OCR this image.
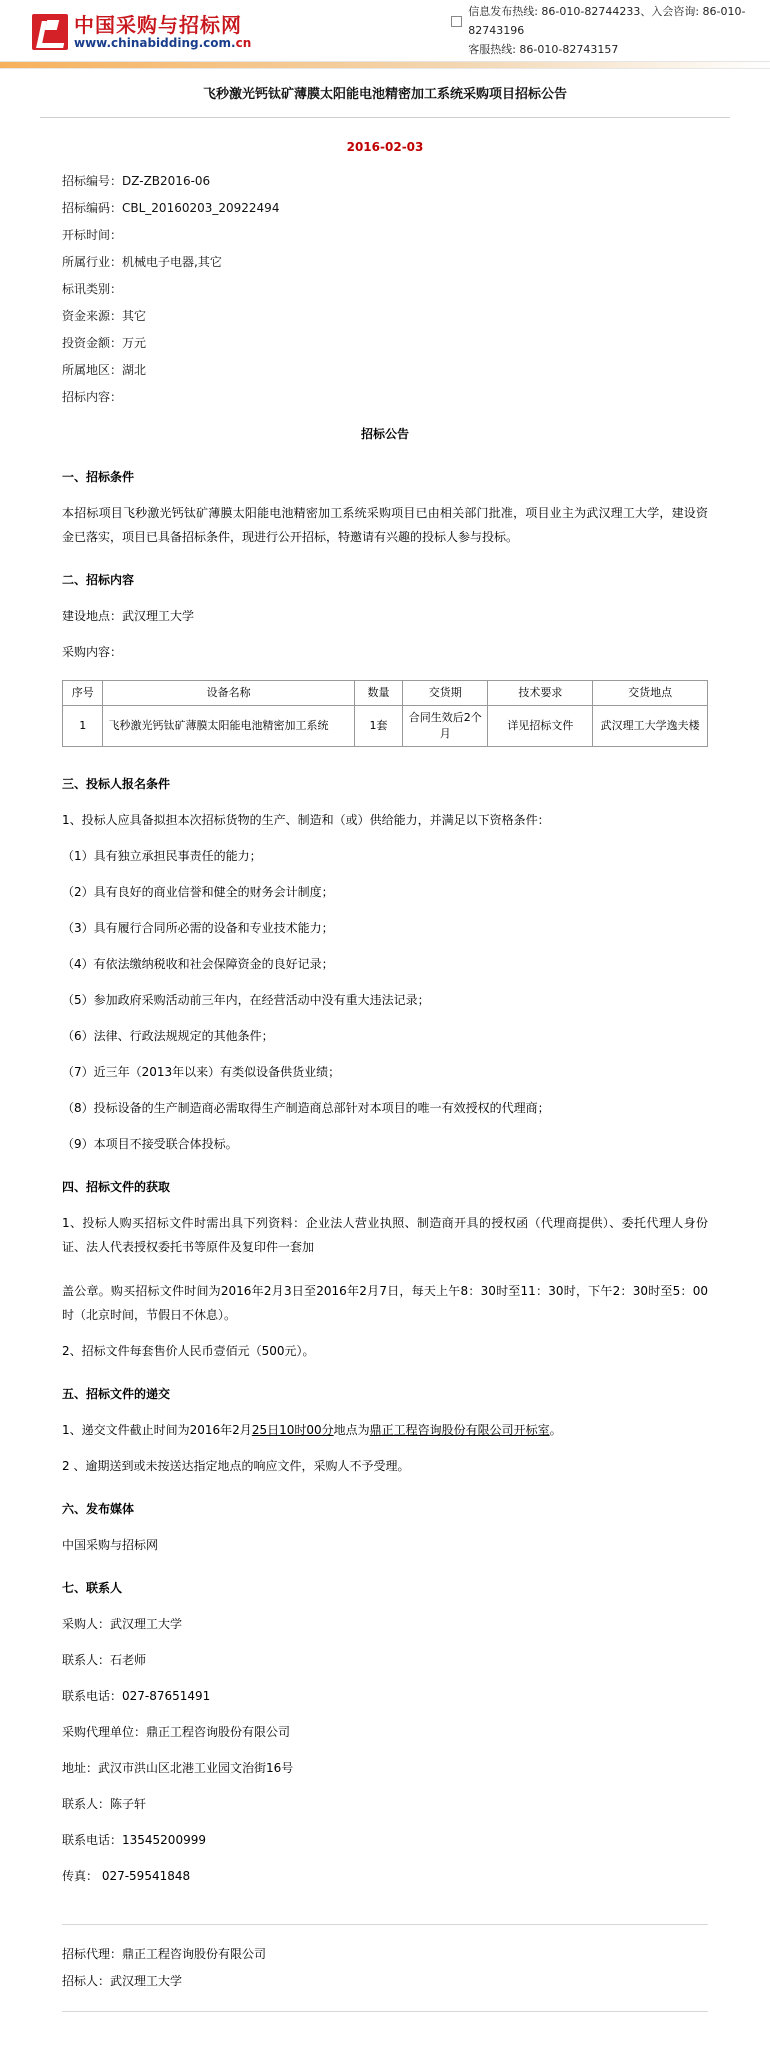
中国采购与招标网
www.chinabidding.com.cn
信息发布热线: 86-010-82744233、入会咨询: 86-010-82743196
客服热线: 86-010-82743157
飞秒激光钙钛矿薄膜太阳能电池精密加工系统采购项目招标公告
2016-02-03
招标编号：DZ-ZB2016-06
招标编码：CBL_20160203_20922494
开标时间：
所属行业：机械电子电器,其它
标讯类别：
资金来源：其它
投资金额：万元
所属地区：湖北
招标内容：
招标公告
一、招标条件
本招标项目飞秒激光钙钛矿薄膜太阳能电池精密加工系统采购项目已由相关部门批准，项目业主为武汉理工大学，建设资金已落实，项目已具备招标条件，现进行公开招标，特邀请有兴趣的投标人参与投标。
二、招标内容
建设地点：武汉理工大学
采购内容：
序号	设备名称	数量	交货期	技术要求	交货地点
1	飞秒激光钙钛矿薄膜太阳能电池精密加工系统	1套	合同生效后2个月	详见招标文件	武汉理工大学逸夫楼
三、投标人报名条件
1、投标人应具备拟担本次招标货物的生产、制造和（或）供给能力，并满足以下资格条件：
（1）具有独立承担民事责任的能力；
（2）具有良好的商业信誉和健全的财务会计制度；
（3）具有履行合同所必需的设备和专业技术能力；
（4）有依法缴纳税收和社会保障资金的良好记录；
（5）参加政府采购活动前三年内，在经营活动中没有重大违法记录；
（6）法律、行政法规规定的其他条件；
（7）近三年（2013年以来）有类似设备供货业绩；
（8）投标设备的生产制造商必需取得生产制造商总部针对本项目的唯一有效授权的代理商；
（9）本项目不接受联合体投标。
四、招标文件的获取
1、投标人购买招标文件时需出具下列资料：企业法人营业执照、制造商开具的授权函（代理商提供）、委托代理人身份证、法人代表授权委托书等原件及复印件一套加
盖公章。购买招标文件时间为2016年2月3日至2016年2月7日，每天上午8：30时至11：30时，下午2：30时至5：00时（北京时间，节假日不休息）。
2、招标文件每套售价人民币壹佰元（500元）。
五、招标文件的递交
1、递交文件截止时间为2016年2月25日10时00分地点为鼎正工程咨询股份有限公司开标室。
2 、逾期送到或未按送达指定地点的响应文件，采购人不予受理。
六、发布媒体
中国采购与招标网
七、联系人
采购人：武汉理工大学
联系人：石老师
联系电话：027-87651491
采购代理单位：鼎正工程咨询股份有限公司
地址：武汉市洪山区北港工业园文治街16号
联系人：陈子轩
联系电话：13545200999
传真： 027-59541848
招标代理：鼎正工程咨询股份有限公司
招标人：武汉理工大学
